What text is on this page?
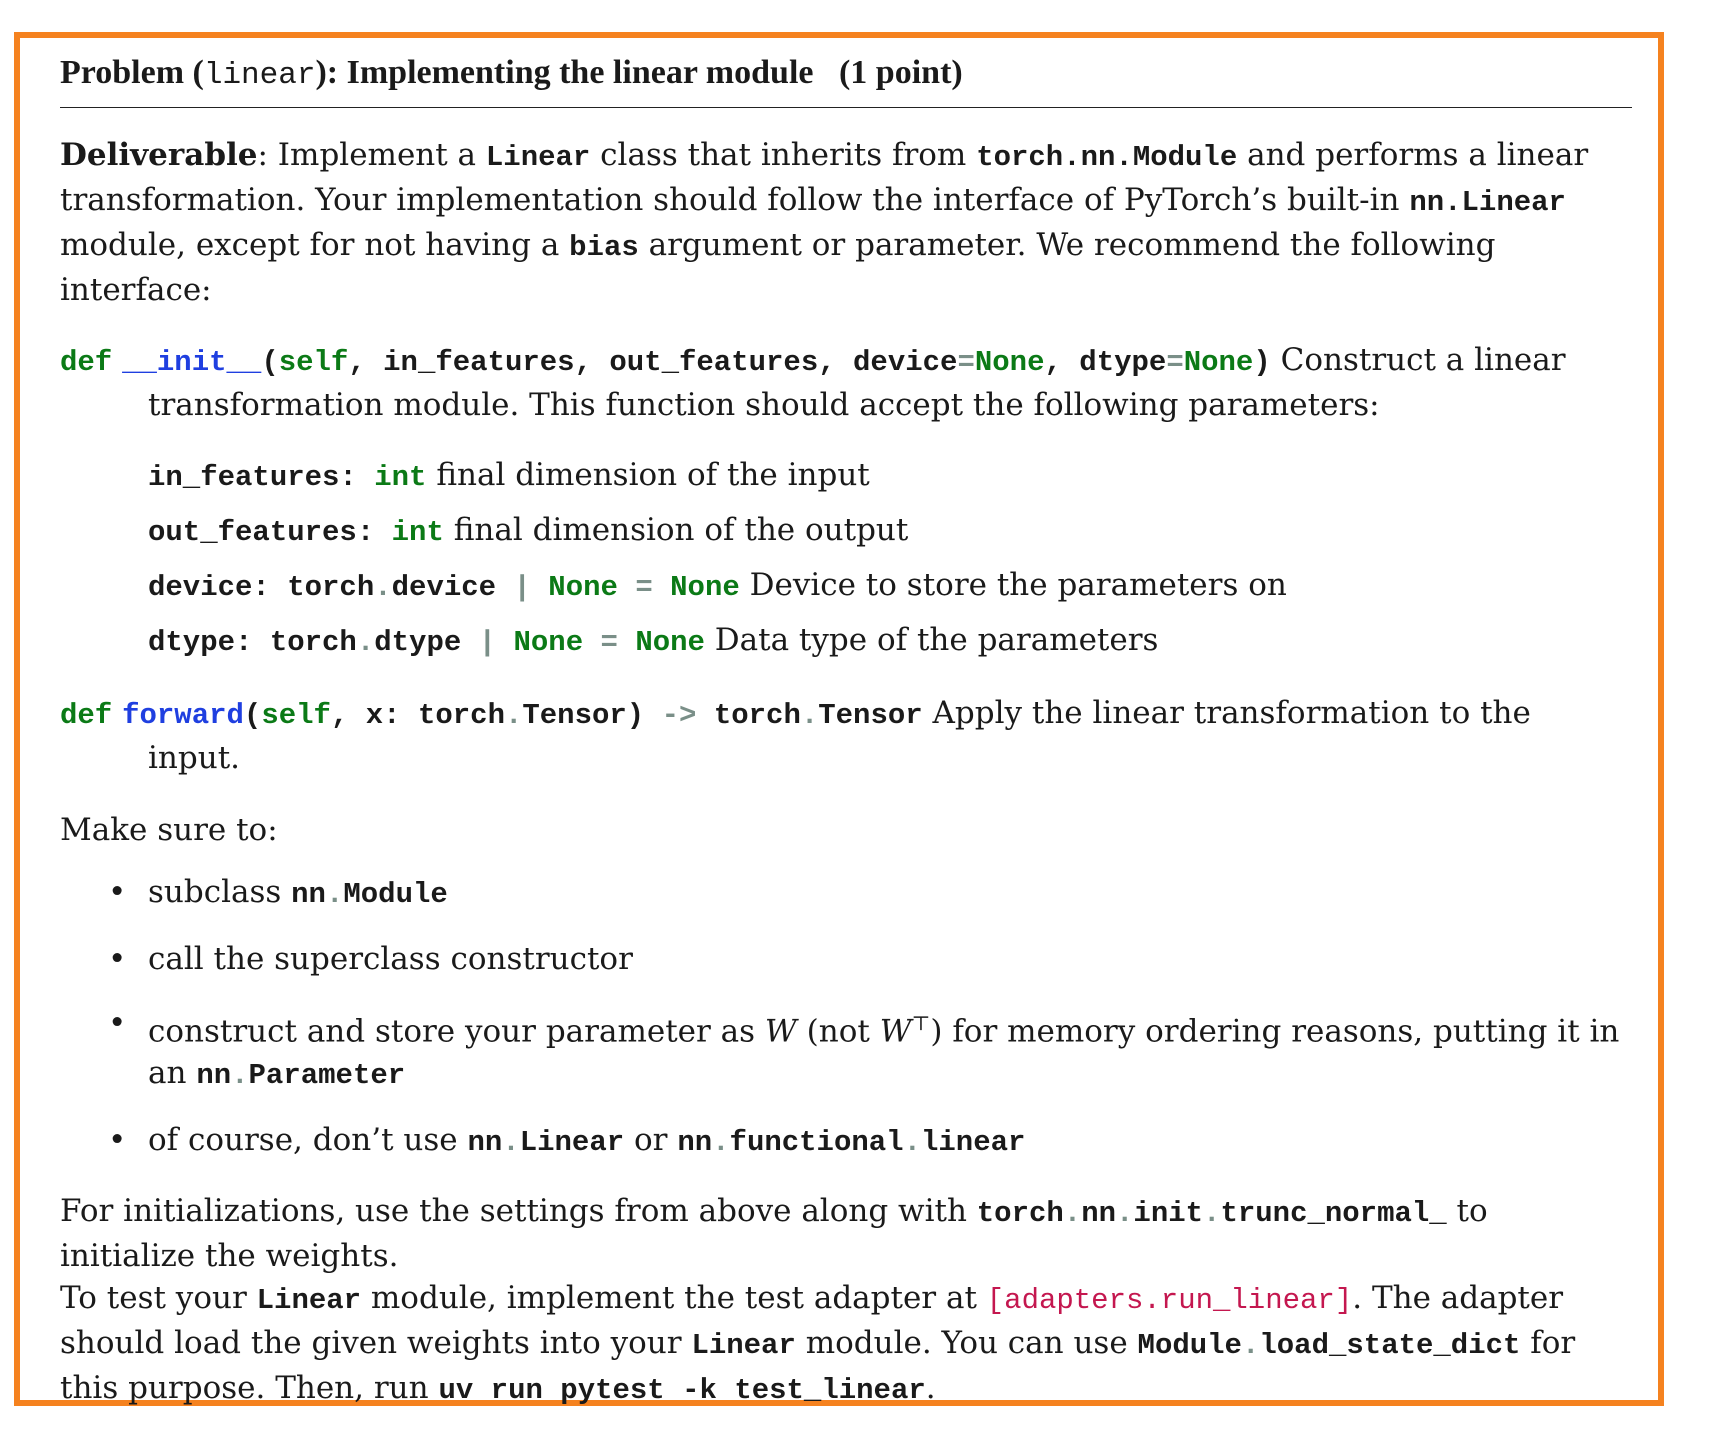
Problem (linear): Implementing the linear module (1 point)
Deliverable: Implement a Linear class that inherits from torch.nn.Module and performs a linear transformation. Your implementation should follow the interface of PyTorch’s built-in nn.Linear module, except for not having a bias argument or parameter. We recommend the following interface:
def __init__(self, in_features, out_features, device=None, dtype=None) Construct a linear transformation module. This function should accept the following parameters:

in_features: int final dimension of the input

out_features: int final dimension of the output

device: torch.device | None = None Device to store the parameters on

dtype: torch.dtype | None = None Data type of the parameters

def forward(self, x: torch.Tensor) -> torch.Tensor Apply the linear transformation to the input.
Make sure to:
• subclass nn.Module
• call the superclass constructor
• construct and store your parameter as W (not W⊤) for memory ordering reasons, putting it in an nn.Parameter
• of course, don’t use nn.Linear or nn.functional.linear
For initializations, use the settings from above along with torch.nn.init.trunc_normal_ to initialize the weights.
To test your Linear module, implement the test adapter at [adapters.run_linear]. The adapter should load the given weights into your Linear module. You can use Module.load_state_dict for this purpose. Then, run uv run pytest -k test_linear.
